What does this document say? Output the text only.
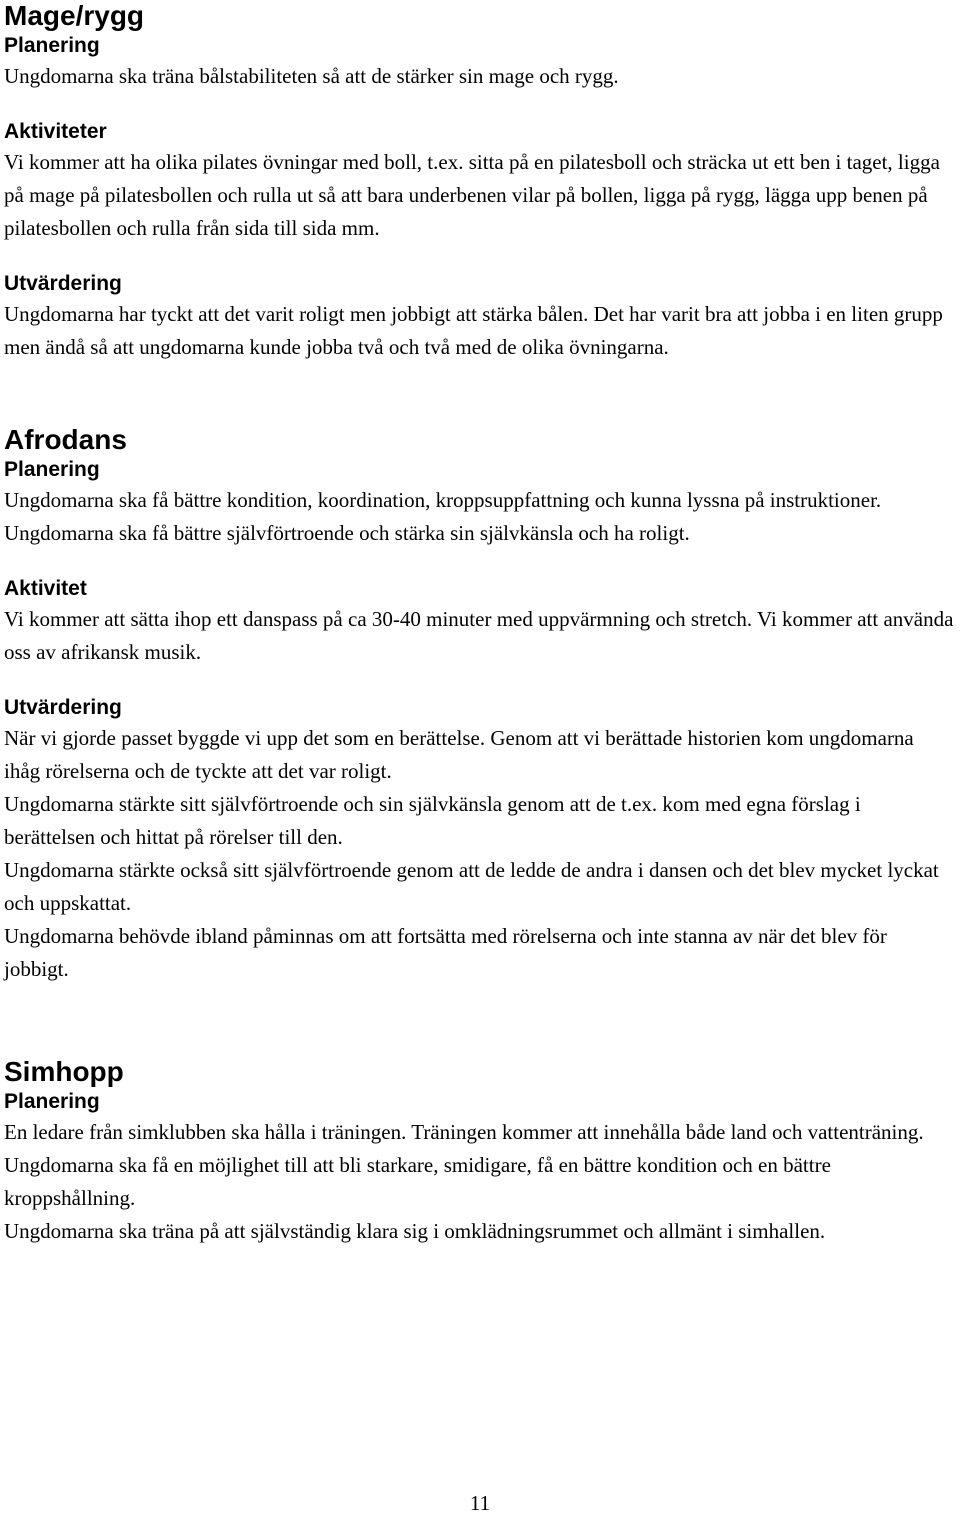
Mage/rygg
Planering

Ungdomarna ska träna bålstabiliteten så att de stärker sin mage och rygg.

Aktiviteter

Vi kommer att ha olika pilates övningar med boll, t.ex. sitta på en pilatesboll och sträcka ut ett ben i taget, ligga på mage på pilatesbollen och rulla ut så att bara underbenen vilar på bollen, ligga på rygg, lägga upp benen på pilatesbollen och rulla från sida till sida mm.

Utvärdering

Ungdomarna har tyckt att det varit roligt men jobbigt att stärka bålen. Det har varit bra att jobba i en liten grupp men ändå så att ungdomarna kunde jobba två och två med de olika övningarna.

Afrodans
Planering

Ungdomarna ska få bättre kondition, koordination, kroppsuppfattning och kunna lyssna på instruktioner. Ungdomarna ska få bättre självförtroende och stärka sin självkänsla och ha roligt.

Aktivitet

Vi kommer att sätta ihop ett danspass på ca 30-40 minuter med uppvärmning och stretch. Vi kommer att använda oss av afrikansk musik.

Utvärdering

När vi gjorde passet byggde vi upp det som en berättelse. Genom att vi berättade historien kom ungdomarna ihåg rörelserna och de tyckte att det var roligt.

Ungdomarna stärkte sitt självförtroende och sin självkänsla genom att de t.ex. kom med egna förslag i berättelsen och hittat på rörelser till den.

Ungdomarna stärkte också sitt självförtroende genom att de ledde de andra i dansen och det blev mycket lyckat och uppskattat.

Ungdomarna behövde ibland påminnas om att fortsätta med rörelserna och inte stanna av när det blev för jobbigt.

Simhopp
Planering

En ledare från simklubben ska hålla i träningen. Träningen kommer att innehålla både land och vattenträning.

Ungdomarna ska få en möjlighet till att bli starkare, smidigare, få en bättre kondition och en bättre kroppshållning.

Ungdomarna ska träna på att självständig klara sig i omklädningsrummet och allmänt i simhallen.

11
